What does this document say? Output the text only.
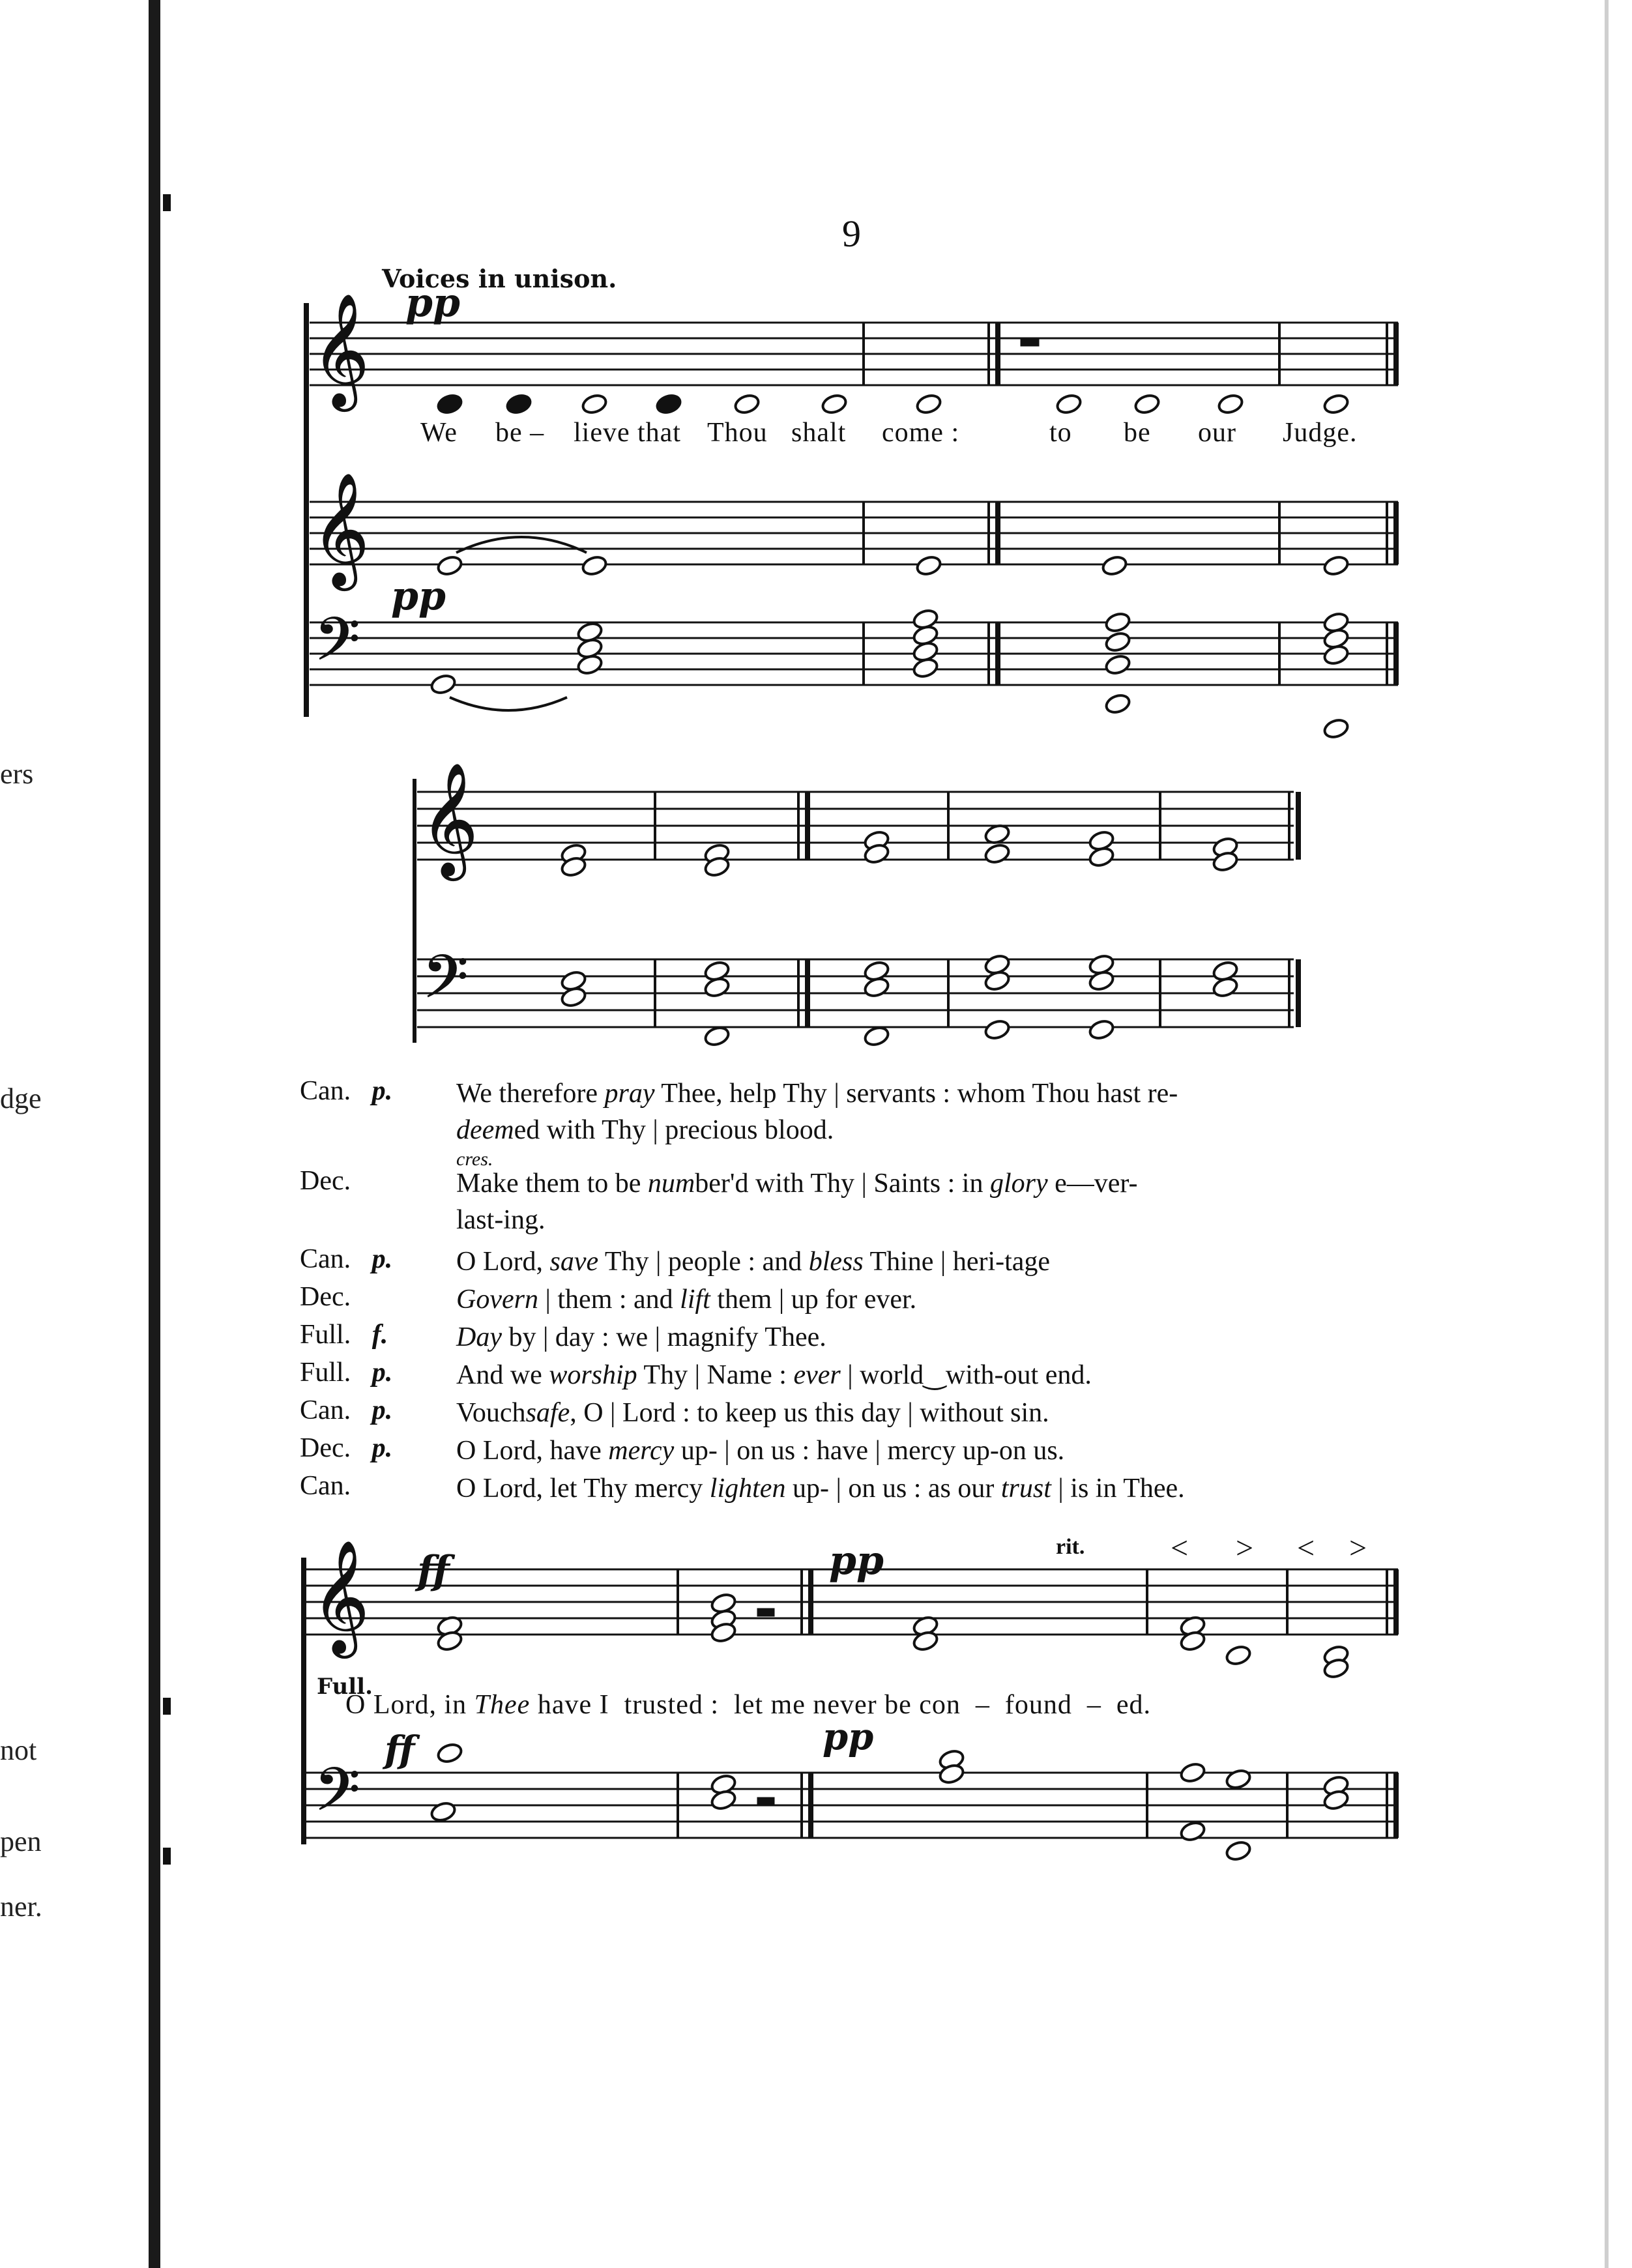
ers
dge
not
pen
ner.
9
Voices in unison.
pp
pp
We be – lieve that Thou shalt come :	to be our Judge.
𝄞
𝄞
𝄢
𝄞
𝄢
𝄞
𝄢
Can. p.	We therefore pray Thee, help Thy | servants : whom Thou hast re-
deemed with Thy | precious blood.
Dec.	Make them to be number'd with Thy | Saints : in glory e—ver-
last-ing.
Can. p.	O Lord, save Thy | people : and bless Thine | heri-tage
Dec.	Govern | them : and lift them | up for ever.
Full. f.	Day by | day : we | magnify Thee.
Full. p.	And we worship Thy | Name : ever | world‿with-out end.
Can. p.	Vouchsafe, O | Lord : to keep us this day | without sin.
Dec. p.	O Lord, have mercy up- | on us : have | mercy up-on us.
Can.	O Lord, let Thy mercy lighten up- | on us : as our trust | is in Thee.
cres.
ff	pp
ff	pp
rit.	< > < >
Full.
O Lord, in Thee have I  trusted :  let me never be con  –  found  –  ed.
